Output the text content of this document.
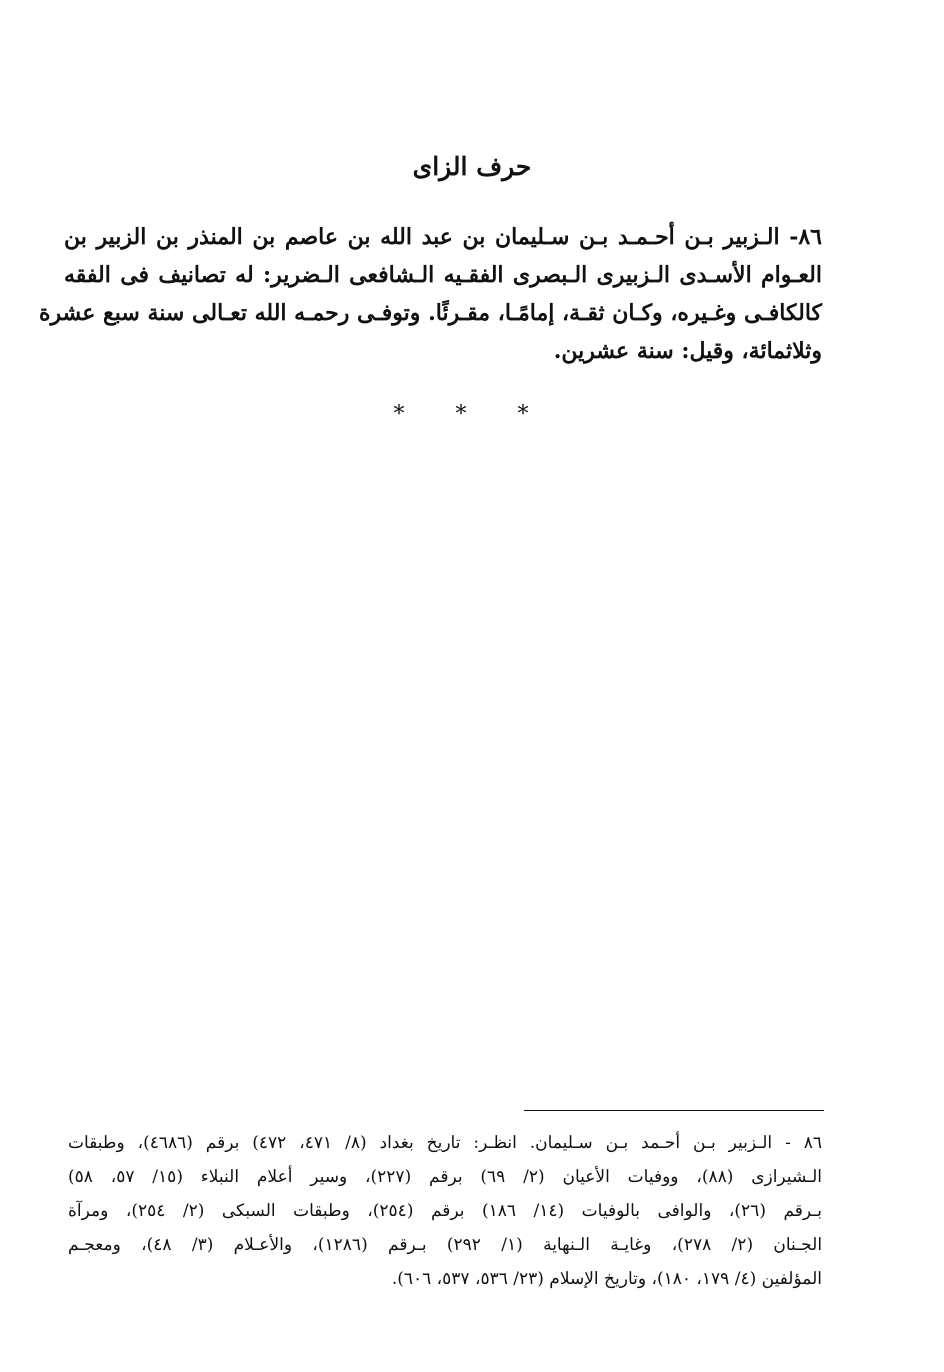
حرف الزاى

٨٦- الـزبير بـن أحـمـد بـن سـليمان بن عبد الله بن عاصم بن المنذر بن الزبير بن
العـوام الأسـدى الـزبيرى الـبصرى الفقـيه الـشافعى الـضرير: له تصانيف فى الفقه
كالكافـى وغـيره، وكـان ثقـة، إمامًـا، مقـرئًا. وتوفـى رحمـه الله تعـالى سنة سبع عشرة
وثلاثمائة، وقيل: سنة عشرين.

* * *

٨٦ - الـزبير بـن أحـمد بـن سـليمان. انظـر: تاريخ بغداد (٨/ ٤٧١، ٤٧٢) برقم (٤٦٨٦)، وطبقات
الـشيرازى (٨٨)، ووفيات الأعيان (٢/ ٦٩) برقم (٢٢٧)، وسير أعلام النبلاء (١٥/ ٥٧، ٥٨)
بـرقم (٢٦)، والوافى بالوفيات (١٤/ ١٨٦) برقم (٢٥٤)، وطبقات السبكى (٢/ ٢٥٤)، ومرآة
الجـنان (٢/ ٢٧٨)، وغايـة الـنهاية (١/ ٢٩٢) بـرقم (١٢٨٦)، والأعـلام (٣/ ٤٨)، ومعجـم
المؤلفين (٤/ ١٧٩، ١٨٠)، وتاريخ الإسلام (٢٣/ ٥٣٦، ٥٣٧، ٦٠٦).
